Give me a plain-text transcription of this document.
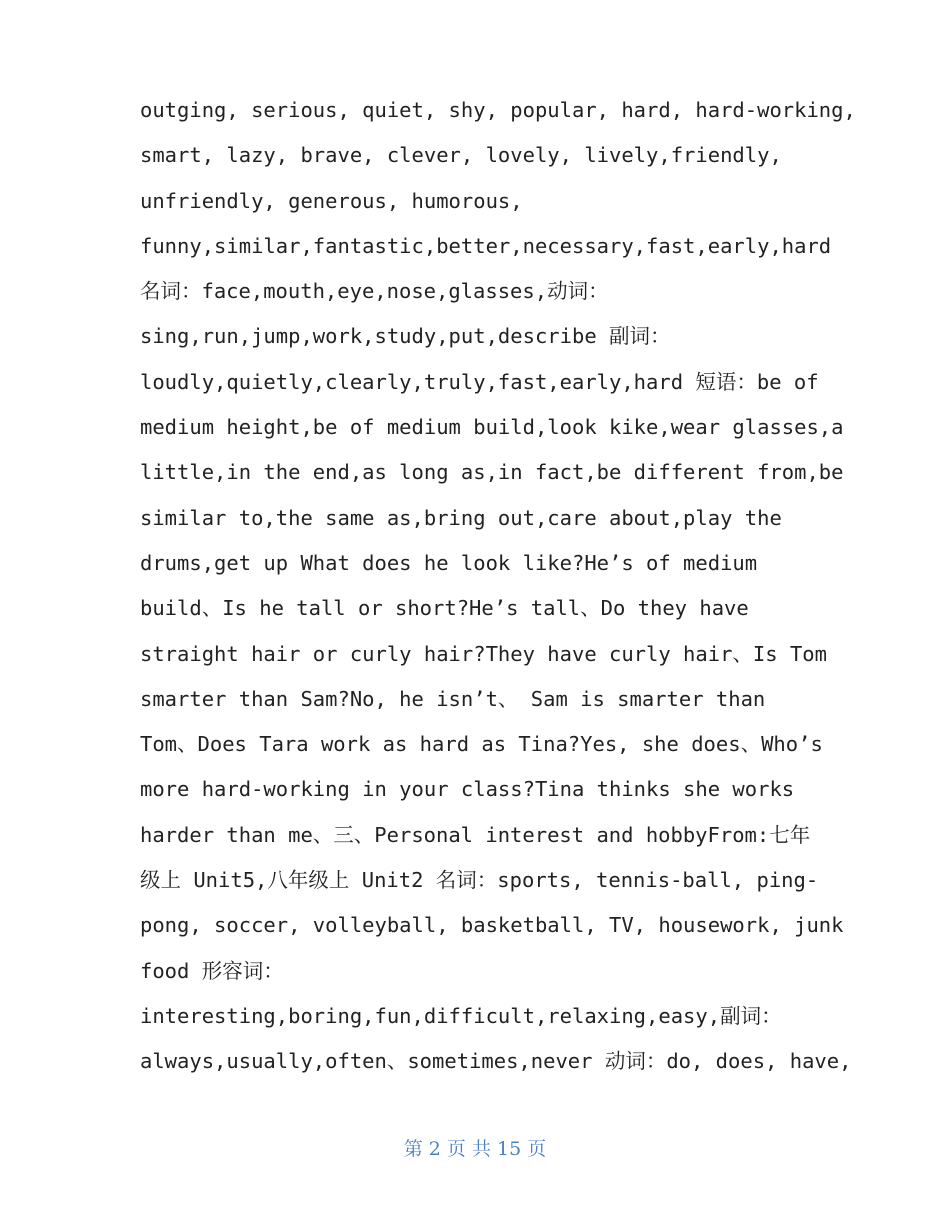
outging, serious, quiet, shy, popular, hard, hard-working,
smart, lazy, brave, clever, lovely, lively,friendly,
unfriendly, generous, humorous,
funny,similar,fantastic,better,necessary,fast,early,hard
名词：face,mouth,eye,nose,glasses,动词：
sing,run,jump,work,study,put,describe 副词：
loudly,quietly,clearly,truly,fast,early,hard 短语：be of
medium height,be of medium build,look kike,wear glasses,a
little,in the end,as long as,in fact,be different from,be
similar to,the same as,bring out,care about,play the
drums,get up What does he look like?He’s of medium
build、Is he tall or short?He’s tall、Do they have
straight hair or curly hair?They have curly hair、Is Tom
smarter than Sam?No, he isn’t、 Sam is smarter than
Tom、Does Tara work as hard as Tina?Yes, she does、Who’s
more hard-working in your class?Tina thinks she works
harder than me、三、Personal interest and hobbyFrom:七年
级上 Unit5,八年级上 Unit2 名词：sports, tennis-ball, ping-
pong, soccer, volleyball, basketball, TV, housework, junk
food 形容词：
interesting,boring,fun,difficult,relaxing,easy,副词：
always,usually,often、sometimes,never 动词：do, does, have,
第 2 页 共 15 页
